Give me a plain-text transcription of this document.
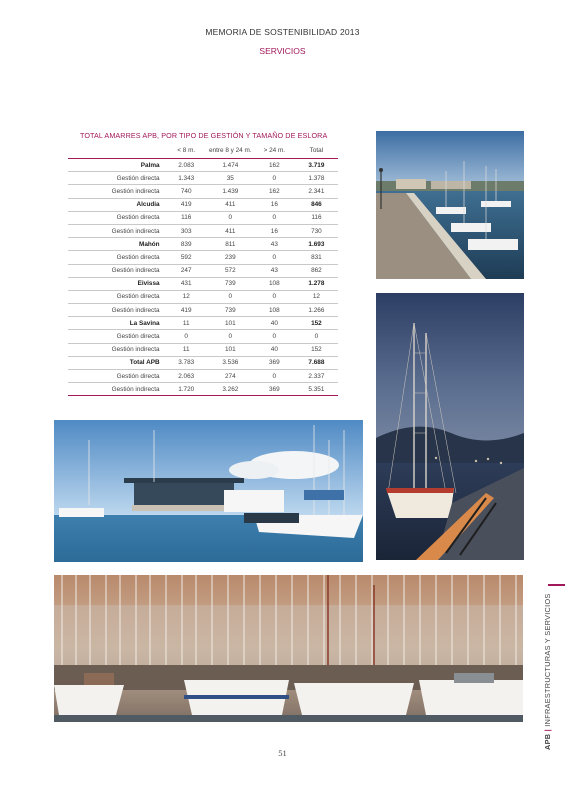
MEMORIA DE SOSTENIBILIDAD 2013
SERVICIOS
TOTAL AMARRES APB, POR TIPO DE GESTIÓN Y TAMAÑO DE ESLORA
	< 8 m.	entre 8 y 24 m.	> 24 m.	Total
Palma	2.083	1.474	162	3.719
Gestión directa	1.343	35	0	1.378
Gestión indirecta	740	1.439	162	2.341
Alcudia	419	411	16	846
Gestión directa	116	0	0	116
Gestión indirecta	303	411	16	730
Mahón	839	811	43	1.693
Gestión directa	592	239	0	831
Gestión indirecta	247	572	43	862
Eivissa	431	739	108	1.278
Gestión directa	12	0	0	12
Gestión indirecta	419	739	108	1.266
La Savina	11	101	40	152
Gestión directa	0	0	0	0
Gestión indirecta	11	101	40	152
Total APB	3.783	3.536	369	7.688
Gestión directa	2.063	274	0	2.337
Gestión indirecta	1.720	3.262	369	5.351
APB | INFRAESTRUCTURAS Y SERVICIOS
51
